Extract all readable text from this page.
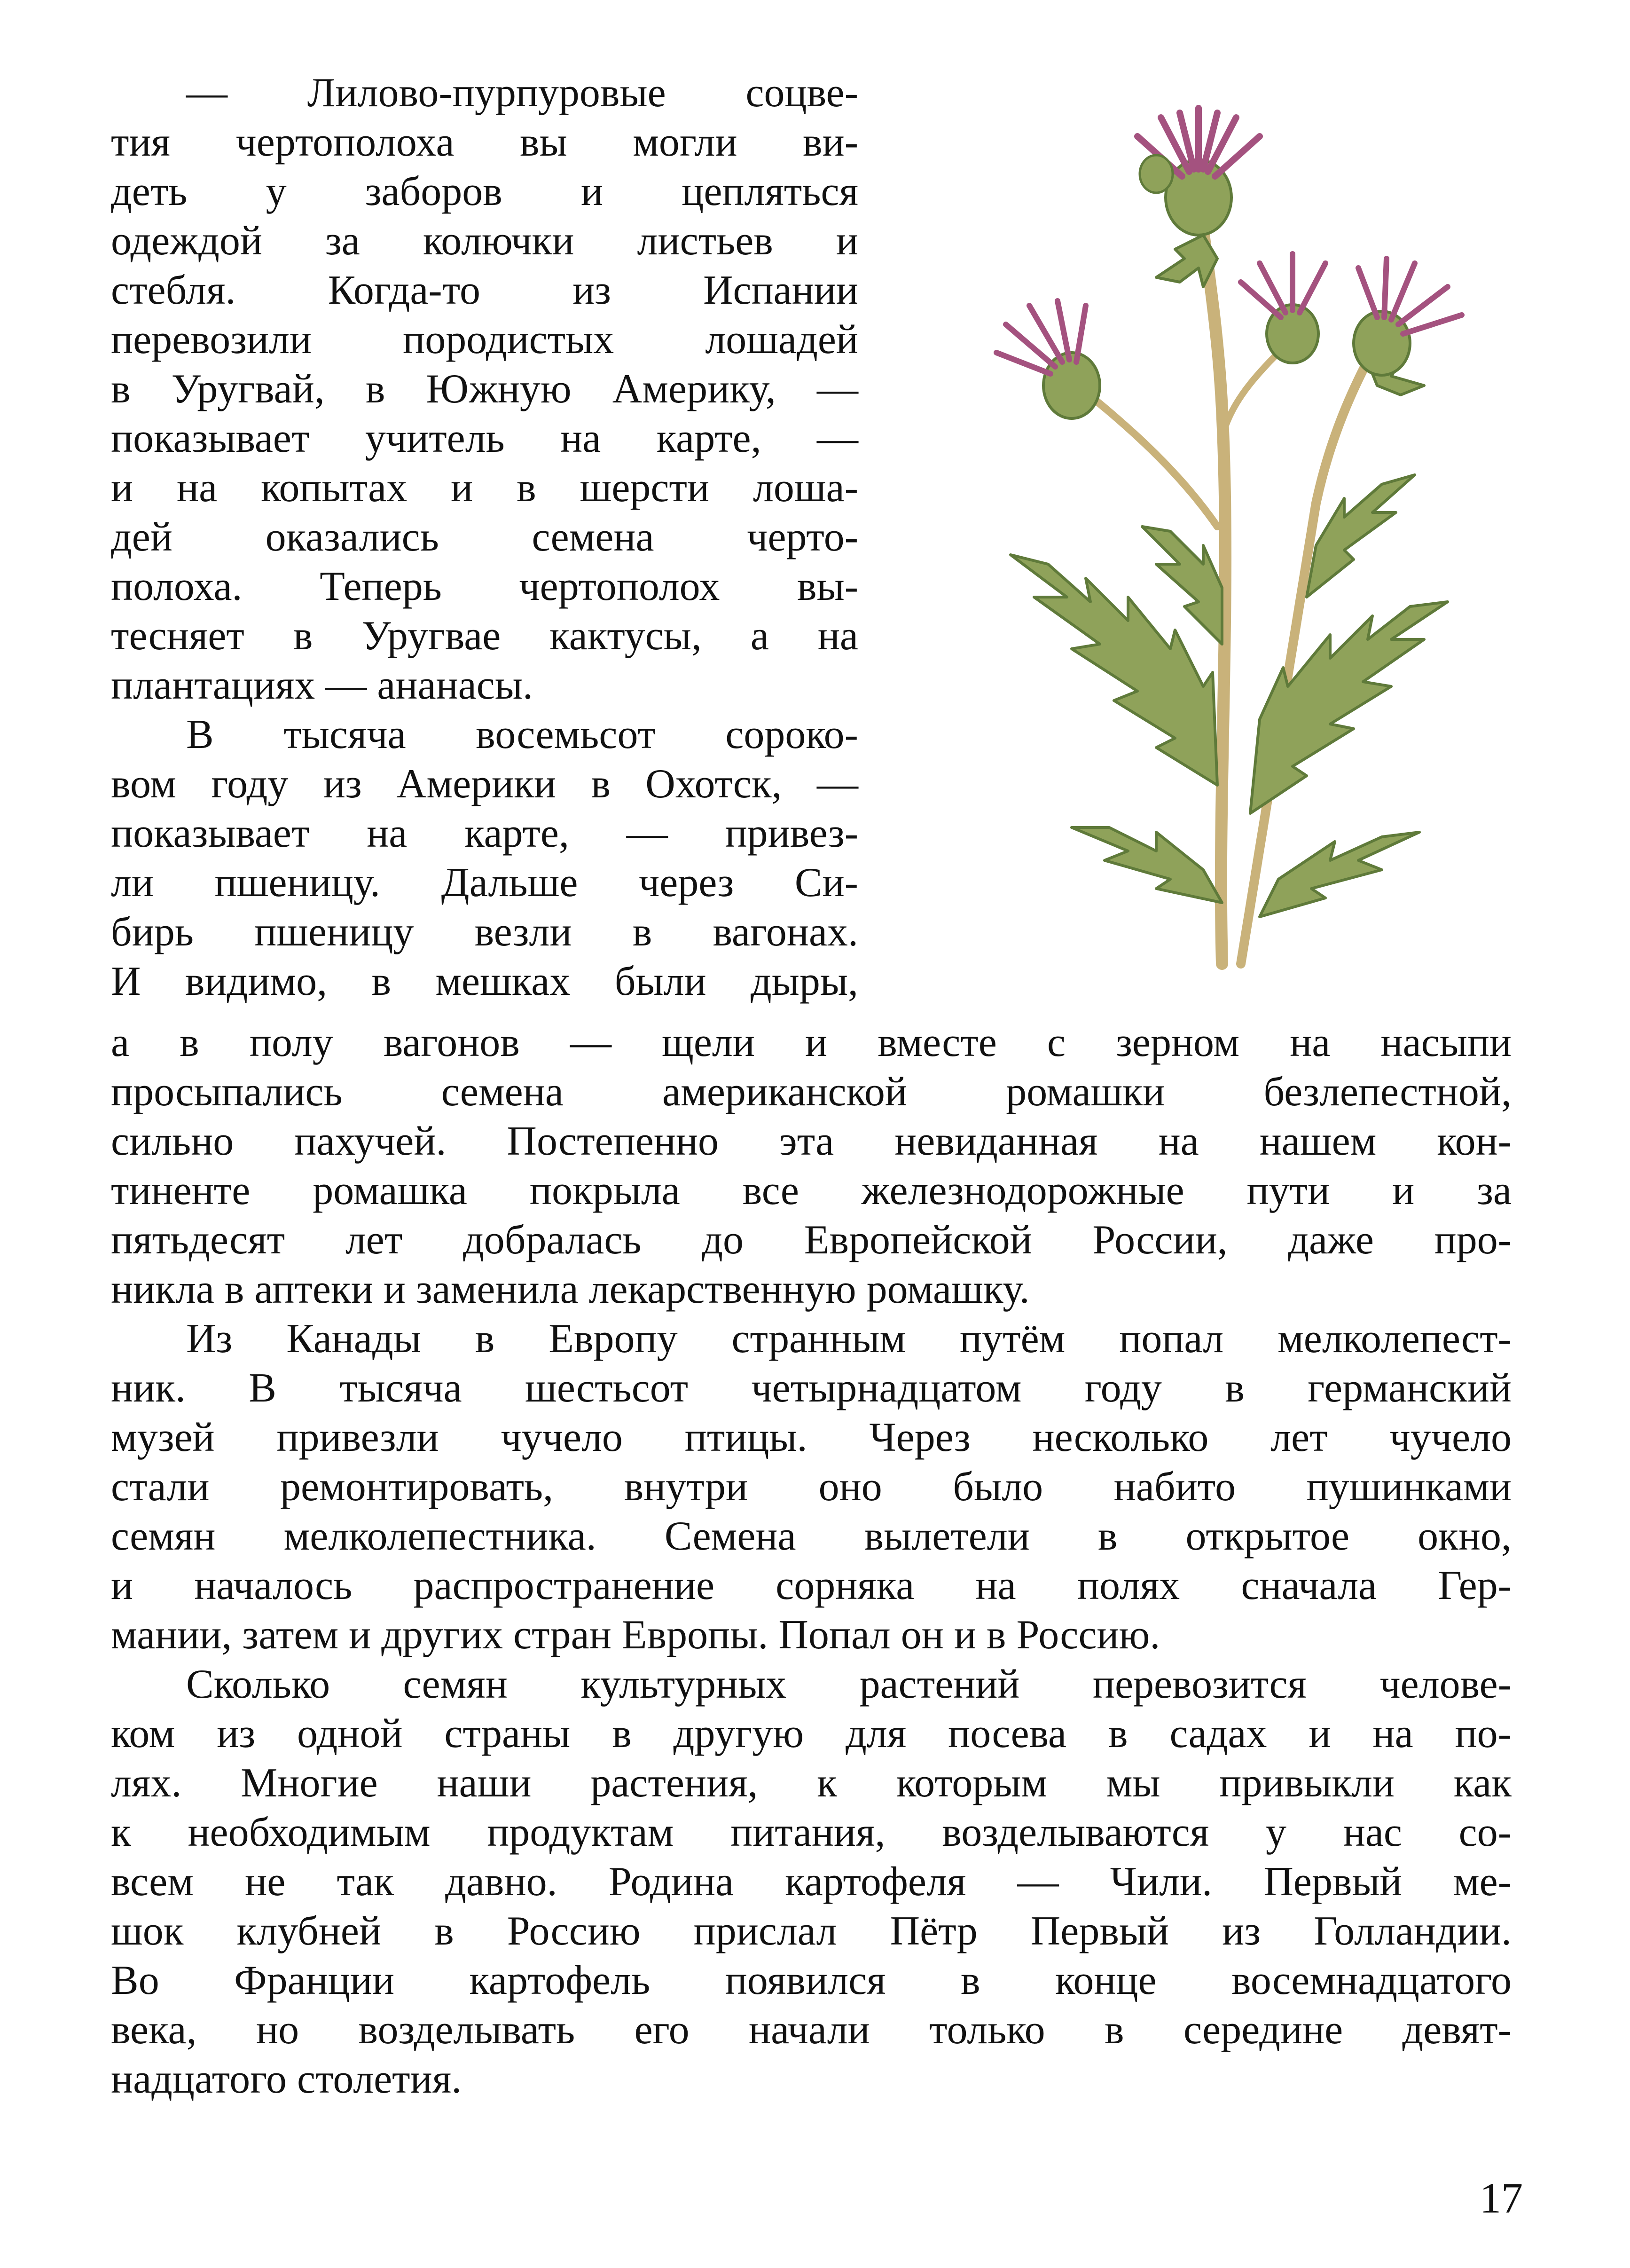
— Лилово-пурпуровые соцве-
тия чертополоха вы могли ви-
деть у заборов и цепляться
одеждой за колючки листьев и
стебля. Когда-то из Испании
перевозили породистых лошадей
в Уругвай, в Южную Америку, —
показывает учитель на карте, —
и на копытах и в шерсти лоша-
дей оказались семена черто-
полоха. Теперь чертополох вы-
тесняет в Уругвае кактусы, а на
плантациях — ананасы.
В тысяча восемьсот сороко-
вом году из Америки в Охотск, —
показывает на карте, — привез-
ли пшеницу. Дальше через Си-
бирь пшеницу везли в вагонах.
И видимо, в мешках были дыры,
а в полу вагонов — щели и вместе с зерном на насыпи
просыпались семена американской ромашки безлепестной,
сильно пахучей. Постепенно эта невиданная на нашем кон-
тиненте ромашка покрыла все железнодорожные пути и за
пятьдесят лет добралась до Европейской России, даже про-
никла в аптеки и заменила лекарственную ромашку.
Из Канады в Европу странным путём попал мелколепест-
ник. В тысяча шестьсот четырнадцатом году в германский
музей привезли чучело птицы. Через несколько лет чучело
стали ремонтировать, внутри оно было набито пушинками
семян мелколепестника. Семена вылетели в открытое окно,
и началось распространение сорняка на полях сначала Гер-
мании, затем и других стран Европы. Попал он и в Россию.
Сколько семян культурных растений перевозится челове-
ком из одной страны в другую для посева в садах и на по-
лях. Многие наши растения, к которым мы привыкли как
к необходимым продуктам питания, возделываются у нас со-
всем не так давно. Родина картофеля — Чили. Первый ме-
шок клубней в Россию прислал Пётр Первый из Голландии.
Во Франции картофель появился в конце восемнадцатого
века, но возделывать его начали только в середине девят-
надцатого столетия.
17
